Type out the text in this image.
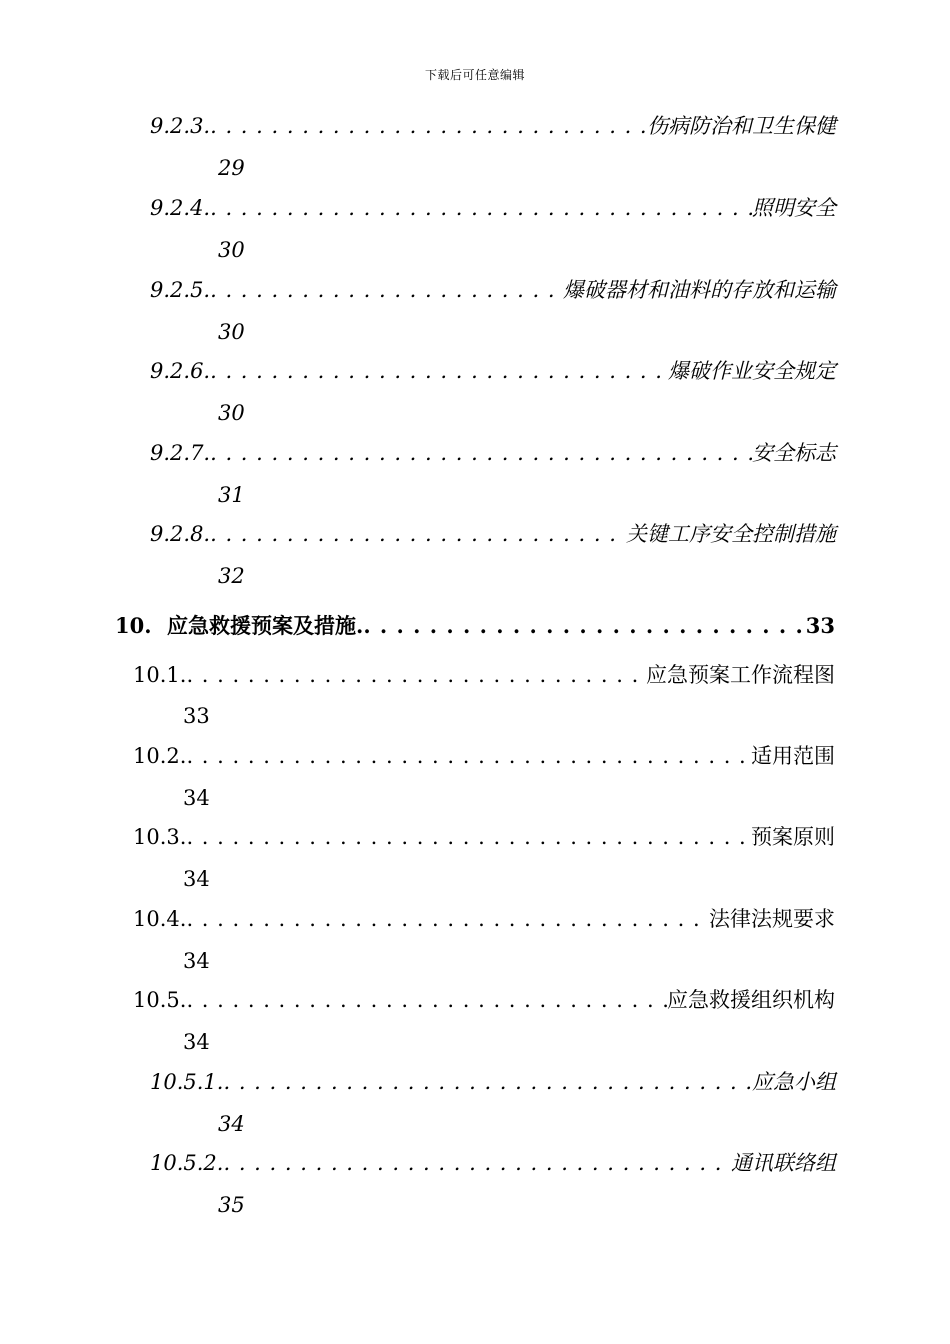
下载后可任意编辑
9.2.3. . . .	伤病防治和卫生保健
29
9.2.4. . . .	照明安全
30
9.2.5. . . .	爆破器材和油料的存放和运输
30
9.2.6. . . .	爆破作业安全规定
30
9.2.7. . . .	安全标志
31
9.2.8. . . .	关键工序安全控制措施
32
10. 应急救援预案及措施. . . .	33
10.1. . . .	应急预案工作流程图
33
10.2. . . .	适用范围
34
10.3. . . .	预案原则
34
10.4. . . .	法律法规要求
34
10.5. . . .	应急救援组织机构
34
10.5.1. . . .	应急小组
34
10.5.2. . . .	通讯联络组
35
